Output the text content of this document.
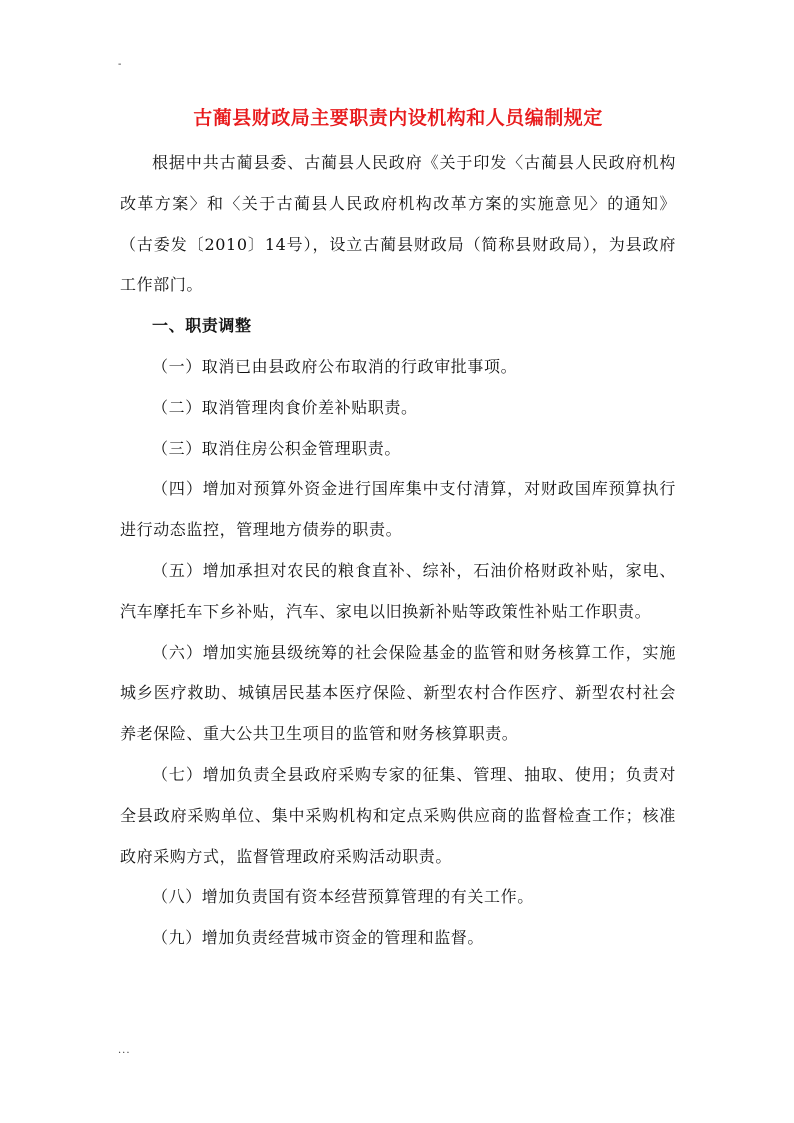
-
古蔺县财政局主要职责内设机构和人员编制规定

根据中共古蔺县委、古蔺县人民政府《关于印发〈古蔺县人民政府机构改革方案〉和〈关于古蔺县人民政府机构改革方案的实施意见〉的通知》（古委发〔2010〕14号），设立古蔺县财政局（简称县财政局），为县政府工作部门。

一、职责调整

（一）取消已由县政府公布取消的行政审批事项。

（二）取消管理肉食价差补贴职责。

（三）取消住房公积金管理职责。

（四）增加对预算外资金进行国库集中支付清算，对财政国库预算执行进行动态监控，管理地方债券的职责。

（五）增加承担对农民的粮食直补、综补，石油价格财政补贴，家电、汽车摩托车下乡补贴，汽车、家电以旧换新补贴等政策性补贴工作职责。

（六）增加实施县级统筹的社会保险基金的监管和财务核算工作，实施城乡医疗救助、城镇居民基本医疗保险、新型农村合作医疗、新型农村社会养老保险、重大公共卫生项目的监管和财务核算职责。

（七）增加负责全县政府采购专家的征集、管理、抽取、使用；负责对全县政府采购单位、集中采购机构和定点采购供应商的监督检查工作；核准政府采购方式，监督管理政府采购活动职责。

（八）增加负责国有资本经营预算管理的有关工作。

（九）增加负责经营城市资金的管理和监督。

...
